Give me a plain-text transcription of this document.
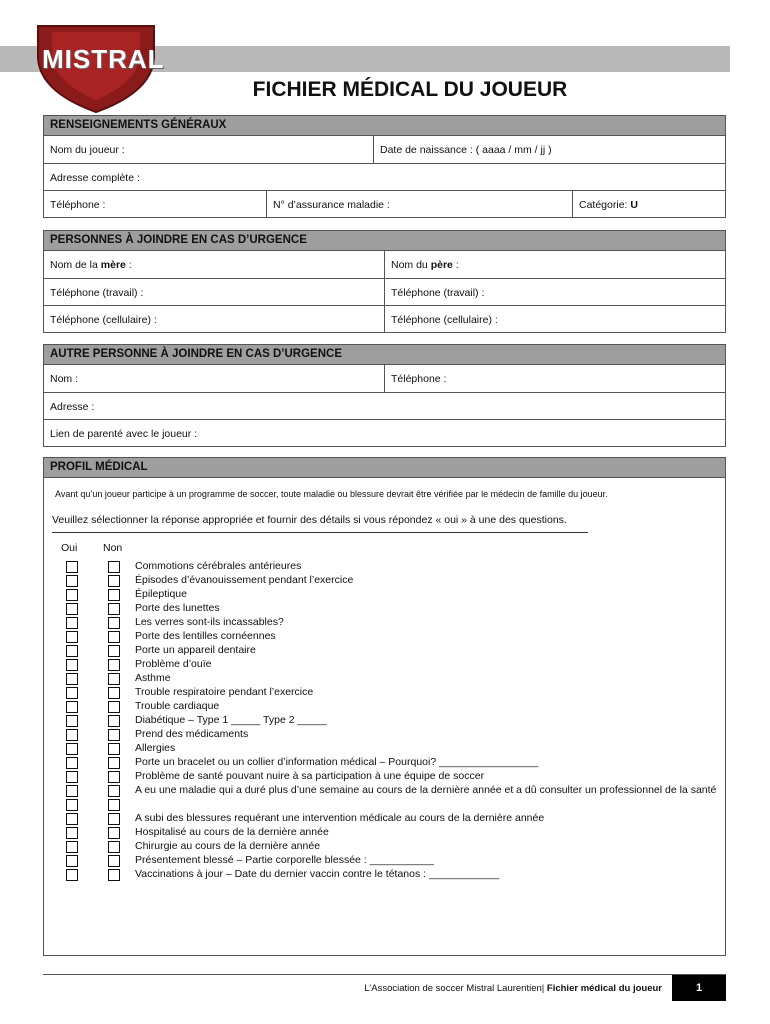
MISTRAL
FICHIER MÉDICAL DU JOUEUR
RENSEIGNEMENTS GÉNÉRAUX
Nom du joueur :	Date de naissance : ( aaaa / mm / jj )
Adresse complète :
Téléphone :	N° d’assurance maladie :	Catégorie: U
PERSONNES À JOINDRE EN CAS D’URGENCE
Nom de la mère :	Nom du père :
Téléphone (travail) :	Téléphone (travail) :
Téléphone (cellulaire) :	Téléphone (cellulaire) :
AUTRE PERSONNE À JOINDRE EN CAS D’URGENCE
Nom :	Téléphone :
Adresse :
Lien de parenté avec le joueur :
PROFIL MÉDICAL
Avant qu’un joueur participe à un programme de soccer, toute maladie ou blessure devrait être vérifiée par le médecin de famille du joueur.
Veuillez sélectionner la réponse appropriée et fournir des détails si vous répondez « oui » à une des questions.
Oui Non
Commotions cérébrales antérieures
Épisodes d’évanouissement pendant l’exercice
Épileptique
Porte des lunettes
Les verres sont-ils incassables?
Porte des lentilles cornéennes
Porte un appareil dentaire
Problème d’ouïe
Asthme
Trouble respiratoire pendant l’exercice
Trouble cardiaque
Diabétique – Type 1 _____ Type 2 _____
Prend des médicaments
Allergies
Porte un bracelet ou un collier d’information médical – Pourquoi? _________________
Problème de santé pouvant nuire à sa participation à une équipe de soccer
A eu une maladie qui a duré plus d’une semaine au cours de la dernière année et a dû consulter un professionnel de la santé
A subi des blessures requérant une intervention médicale au cours de la dernière année
Hospitalisé au cours de la dernière année
Chirurgie au cours de la dernière année
Présentement blessé – Partie corporelle blessée : ___________
Vaccinations à jour – Date du dernier vaccin contre le tétanos : ____________
L’Association de soccer Mistral Laurentien| Fichier médical du joueur	1
